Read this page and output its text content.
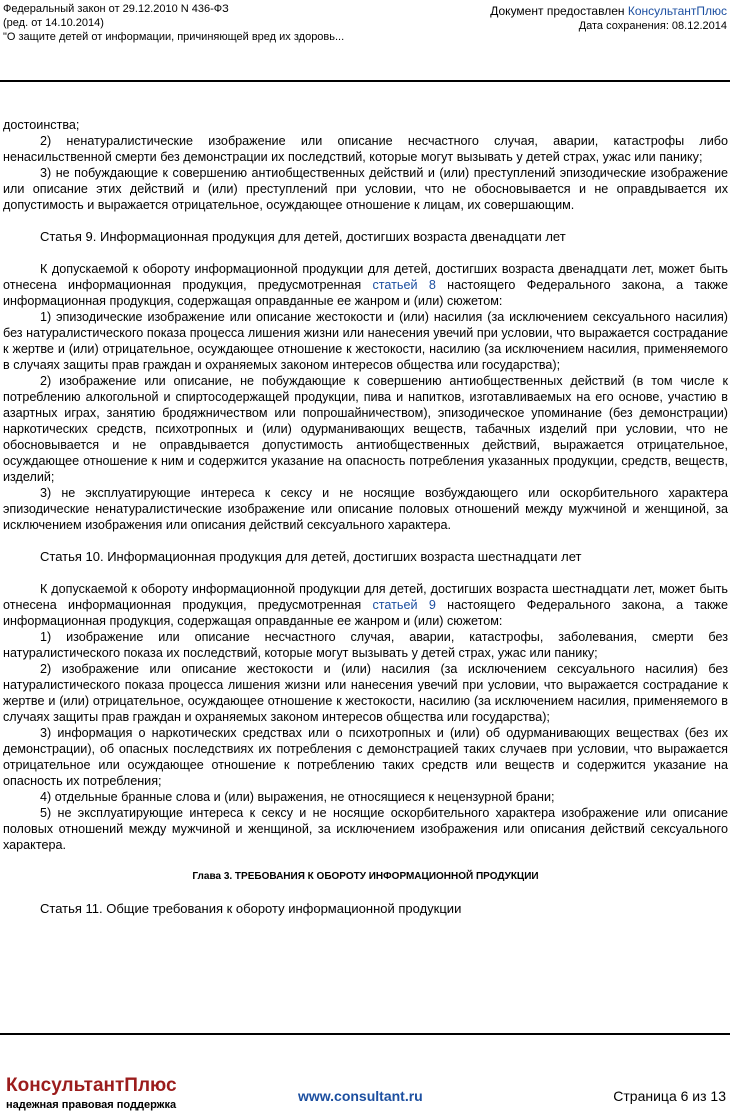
Федеральный закон от 29.12.2010 N 436-ФЗ
(ред. от 14.10.2014)
"О защите детей от информации, причиняющей вред их здоровь...
Документ предоставлен КонсультантПлюс
Дата сохранения: 08.12.2014

достоинства;

2) ненатуралистические изображение или описание несчастного случая, аварии, катастрофы либо ненасильственной смерти без демонстрации их последствий, которые могут вызывать у детей страх, ужас или панику;

3) не побуждающие к совершению антиобщественных действий и (или) преступлений эпизодические изображение или описание этих действий и (или) преступлений при условии, что не обосновывается и не оправдывается их допустимость и выражается отрицательное, осуждающее отношение к лицам, их совершающим.

Статья 9. Информационная продукция для детей, достигших возраста двенадцати лет

К допускаемой к обороту информационной продукции для детей, достигших возраста двенадцати лет, может быть отнесена информационная продукция, предусмотренная статьей 8 настоящего Федерального закона, а также информационная продукция, содержащая оправданные ее жанром и (или) сюжетом:

1) эпизодические изображение или описание жестокости и (или) насилия (за исключением сексуального насилия) без натуралистического показа процесса лишения жизни или нанесения увечий при условии, что выражается сострадание к жертве и (или) отрицательное, осуждающее отношение к жестокости, насилию (за исключением насилия, применяемого в случаях защиты прав граждан и охраняемых законом интересов общества или государства);

2) изображение или описание, не побуждающие к совершению антиобщественных действий (в том числе к потреблению алкогольной и спиртосодержащей продукции, пива и напитков, изготавливаемых на его основе, участию в азартных играх, занятию бродяжничеством или попрошайничеством), эпизодическое упоминание (без демонстрации) наркотических средств, психотропных и (или) одурманивающих веществ, табачных изделий при условии, что не обосновывается и не оправдывается допустимость антиобщественных действий, выражается отрицательное, осуждающее отношение к ним и содержится указание на опасность потребления указанных продукции, средств, веществ, изделий;

3) не эксплуатирующие интереса к сексу и не носящие возбуждающего или оскорбительного характера эпизодические ненатуралистические изображение или описание половых отношений между мужчиной и женщиной, за исключением изображения или описания действий сексуального характера.

Статья 10. Информационная продукция для детей, достигших возраста шестнадцати лет

К допускаемой к обороту информационной продукции для детей, достигших возраста шестнадцати лет, может быть отнесена информационная продукция, предусмотренная статьей 9 настоящего Федерального закона, а также информационная продукция, содержащая оправданные ее жанром и (или) сюжетом:

1) изображение или описание несчастного случая, аварии, катастрофы, заболевания, смерти без натуралистического показа их последствий, которые могут вызывать у детей страх, ужас или панику;

2) изображение или описание жестокости и (или) насилия (за исключением сексуального насилия) без натуралистического показа процесса лишения жизни или нанесения увечий при условии, что выражается сострадание к жертве и (или) отрицательное, осуждающее отношение к жестокости, насилию (за исключением насилия, применяемого в случаях защиты прав граждан и охраняемых законом интересов общества или государства);

3) информация о наркотических средствах или о психотропных и (или) об одурманивающих веществах (без их демонстрации), об опасных последствиях их потребления с демонстрацией таких случаев при условии, что выражается отрицательное или осуждающее отношение к потреблению таких средств или веществ и содержится указание на опасность их потребления;

4) отдельные бранные слова и (или) выражения, не относящиеся к нецензурной брани;

5) не эксплуатирующие интереса к сексу и не носящие оскорбительного характера изображение или описание половых отношений между мужчиной и женщиной, за исключением изображения или описания действий сексуального характера.

Глава 3. ТРЕБОВАНИЯ К ОБОРОТУ ИНФОРМАЦИОННОЙ ПРОДУКЦИИ
Статья 11. Общие требования к обороту информационной продукции
КонсультантПлюс
надежная правовая поддержка
www.consultant.ru	Страница 6 из 13
